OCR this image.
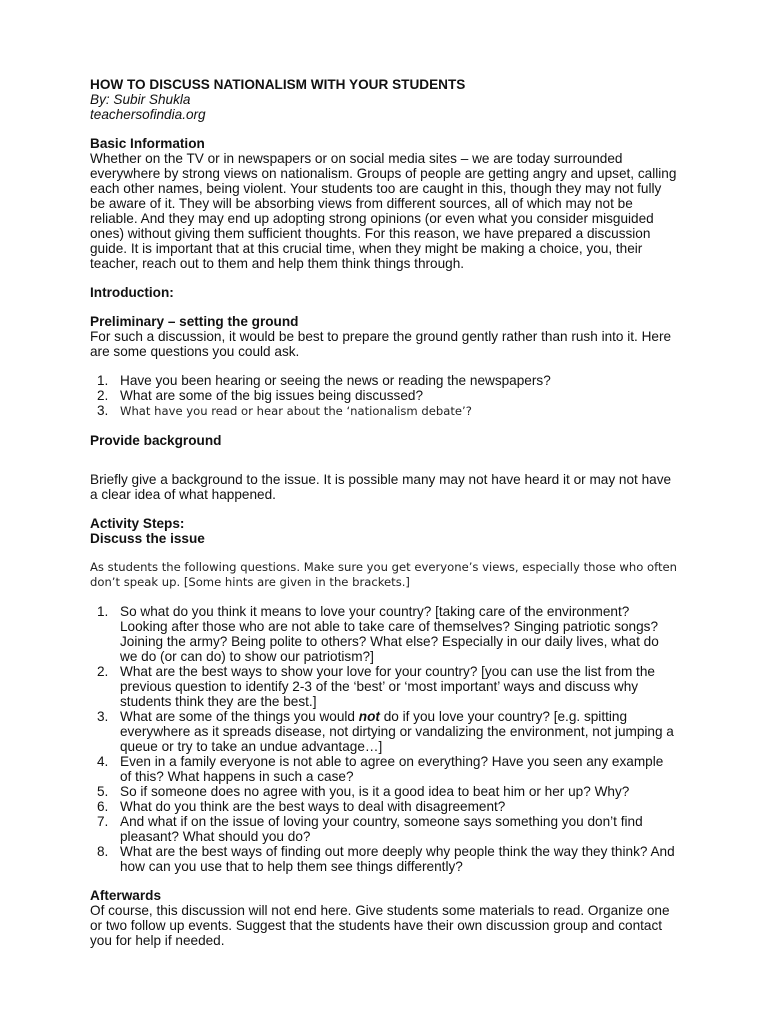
HOW TO DISCUSS NATIONALISM WITH YOUR STUDENTS

By: Subir Shukla

teachersofindia.org

Basic Information

Whether on the TV or in newspapers or on social media sites – we are today surrounded everywhere by strong views on nationalism. Groups of people are getting angry and upset, calling each other names, being violent. Your students too are caught in this, though they may not fully be aware of it. They will be absorbing views from different sources, all of which may not be reliable. And they may end up adopting strong opinions (or even what you consider misguided ones) without giving them sufficient thoughts. For this reason, we have prepared a discussion guide. It is important that at this crucial time, when they might be making a choice, you, their teacher, reach out to them and help them think things through.

Introduction:

Preliminary – setting the ground

For such a discussion, it would be best to prepare the ground gently rather than rush into it. Here are some questions you could ask.

1. Have you been hearing or seeing the news or reading the newspapers?
2. What are some of the big issues being discussed?
3. What have you read or hear about the ‘nationalism debate’?

Provide background

Briefly give a background to the issue. It is possible many may not have heard it or may not have a clear idea of what happened.

Activity Steps:

Discuss the issue

As students the following questions. Make sure you get everyone’s views, especially those who often don’t speak up. [Some hints are given in the brackets.]

1. So what do you think it means to love your country? [taking care of the environment? Looking after those who are not able to take care of themselves? Singing patriotic songs? Joining the army? Being polite to others? What else? Especially in our daily lives, what do we do (or can do) to show our patriotism?]
2. What are the best ways to show your love for your country? [you can use the list from the previous question to identify 2-3 of the ‘best’ or ‘most important’ ways and discuss why students think they are the best.]
3. What are some of the things you would not do if you love your country? [e.g. spitting everywhere as it spreads disease, not dirtying or vandalizing the environment, not jumping a queue or try to take an undue advantage…]
4. Even in a family everyone is not able to agree on everything? Have you seen any example of this? What happens in such a case?
5. So if someone does no agree with you, is it a good idea to beat him or her up? Why?
6. What do you think are the best ways to deal with disagreement?
7. And what if on the issue of loving your country, someone says something you don’t find pleasant? What should you do?
8. What are the best ways of finding out more deeply why people think the way they think? And how can you use that to help them see things differently?

Afterwards

Of course, this discussion will not end here. Give students some materials to read. Organize one or two follow up events. Suggest that the students have their own discussion group and contact you for help if needed.
